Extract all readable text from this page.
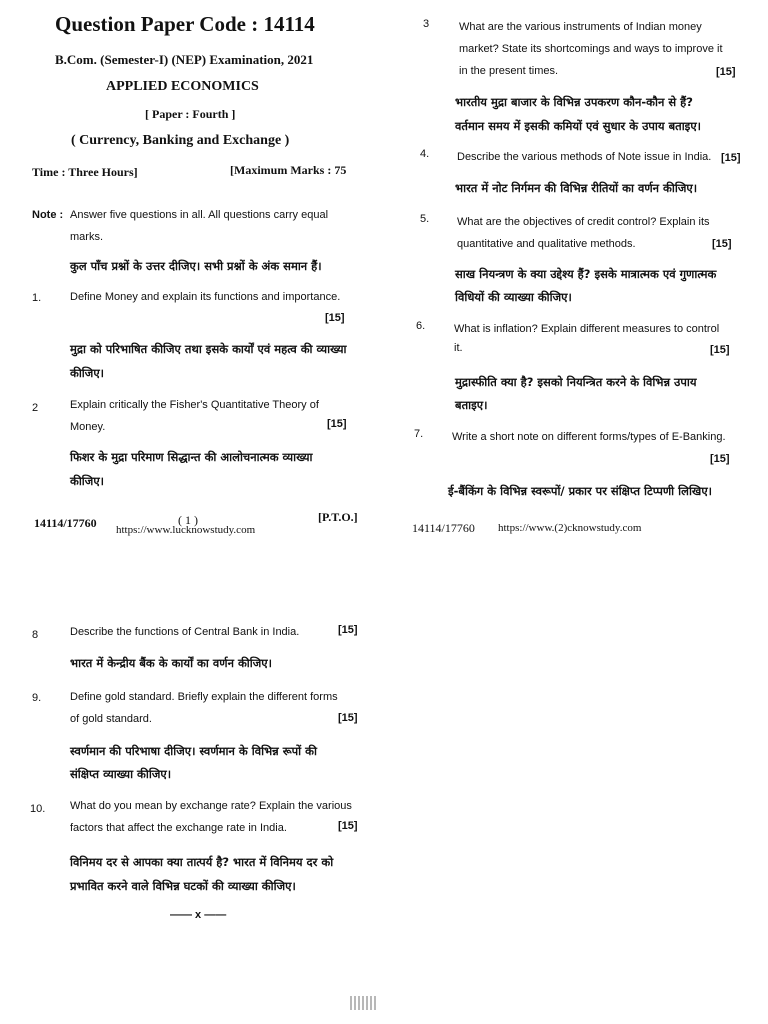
Question Paper Code : 14114
B.Com. (Semester-I) (NEP) Examination, 2021
APPLIED ECONOMICS
[ Paper : Fourth ]
( Currency, Banking and Exchange )
Time : Three Hours]	[Maximum Marks : 75
Note : Answer five questions in all. All questions carry equal
marks.
कुल पाँच प्रश्नों के उत्तर दीजिए। सभी प्रश्नों के अंक समान हैं।
1.	Define Money and explain its functions and importance.
[15]
मुद्रा को परिभाषित कीजिए तथा इसके कार्यों एवं महत्व की व्याख्या
कीजिए।
2	Explain critically the Fisher's Quantitative Theory of
Money.	[15]
फिशर के मुद्रा परिमाण सिद्धान्त की आलोचनात्मक व्याख्या
कीजिए।
14114/17760	( 1 )
https://www.lucknowstudy.com
[P.T.O.]
3	What are the various instruments of Indian money
market? State its shortcomings and ways to improve it
in the present times.	[15]
भारतीय मुद्रा बाजार के विभिन्न उपकरण कौन-कौन से हैं?
वर्तमान समय में इसकी कमियों एवं सुधार के उपाय बताइए।
4.	Describe the various methods of Note issue in India. [15]
भारत में नोट निर्गमन की विभिन्न रीतियों का वर्णन कीजिए।
5.	What are the objectives of credit control? Explain its
quantitative and qualitative methods.	[15]
साख नियन्त्रण के क्या उद्देश्य हैं? इसके मात्रात्मक एवं गुणात्मक
विधियों की व्याख्या कीजिए।
6.	What is inflation? Explain different measures to control
it.	[15]
मुद्रास्फीति क्या है? इसको नियन्त्रित करने के विभिन्न उपाय
बताइए।
7.	Write a short note on different forms/types of E-Banking.
[15]
ई-बैंकिंग के विभिन्न स्वरूपों/ प्रकार पर संक्षिप्त टिप्पणी लिखिए।
14114/17760 https://www.(2)cknowstudy.com
8	Describe the functions of Central Bank in India.	[15]
भारत में केन्द्रीय बैंक के कार्यों का वर्णन कीजिए।
9.	Define gold standard. Briefly explain the different forms
of gold standard.	[15]
स्वर्णमान की परिभाषा दीजिए। स्वर्णमान के विभिन्न रूपों की
संक्षिप्त व्याख्या कीजिए।
10. What do you mean by exchange rate? Explain the various
factors that affect the exchange rate in India.	[15]
विनिमय दर से आपका क्या तात्पर्य है? भारत में विनिमय दर को
प्रभावित करने वाले विभिन्न घटकों की व्याख्या कीजिए।
—— x ——
